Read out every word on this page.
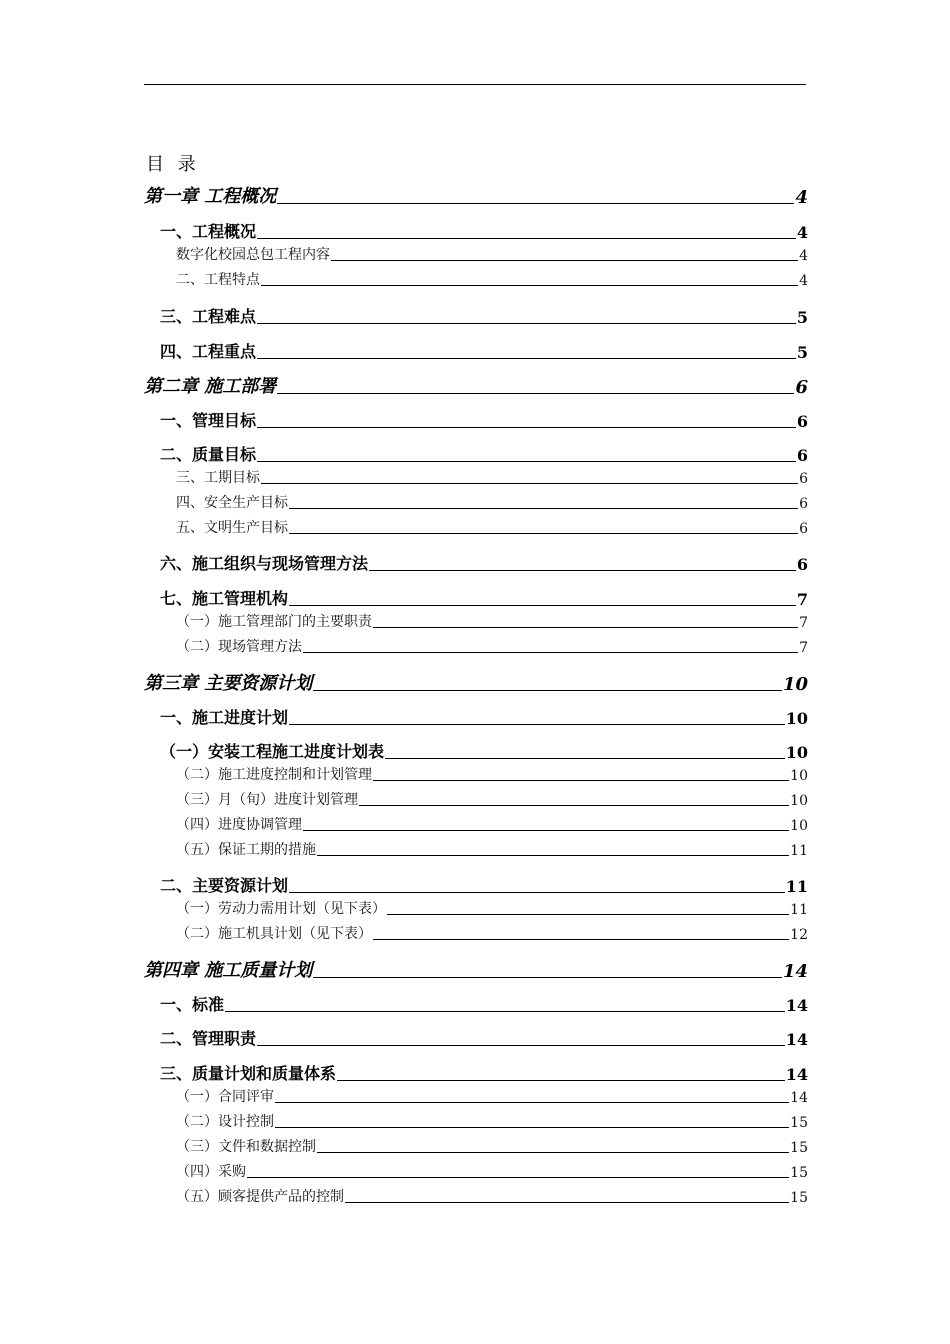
目 录
第一章 工程概况	4
一、工程概况	4
数字化校园总包工程内容	4
二、工程特点	4
三、工程难点	5
四、工程重点	5
第二章 施工部署	6
一、管理目标	6
二、质量目标	6
三、工期目标	6
四、安全生产目标	6
五、文明生产目标	6
六、施工组织与现场管理方法	6
七、施工管理机构	7
（一）施工管理部门的主要职责	7
（二）现场管理方法	7
第三章 主要资源计划	10
一、施工进度计划	10
（一）安装工程施工进度计划表	10
（二）施工进度控制和计划管理	10
（三）月（旬）进度计划管理	10
（四）进度协调管理	10
（五）保证工期的措施	11
二、主要资源计划	11
（一）劳动力需用计划（见下表）	11
（二）施工机具计划（见下表）	12
第四章 施工质量计划	14
一、标准	14
二、管理职责	14
三、质量计划和质量体系	14
（一）合同评审	14
（二）设计控制	15
（三）文件和数据控制	15
（四）采购	15
（五）顾客提供产品的控制	15
